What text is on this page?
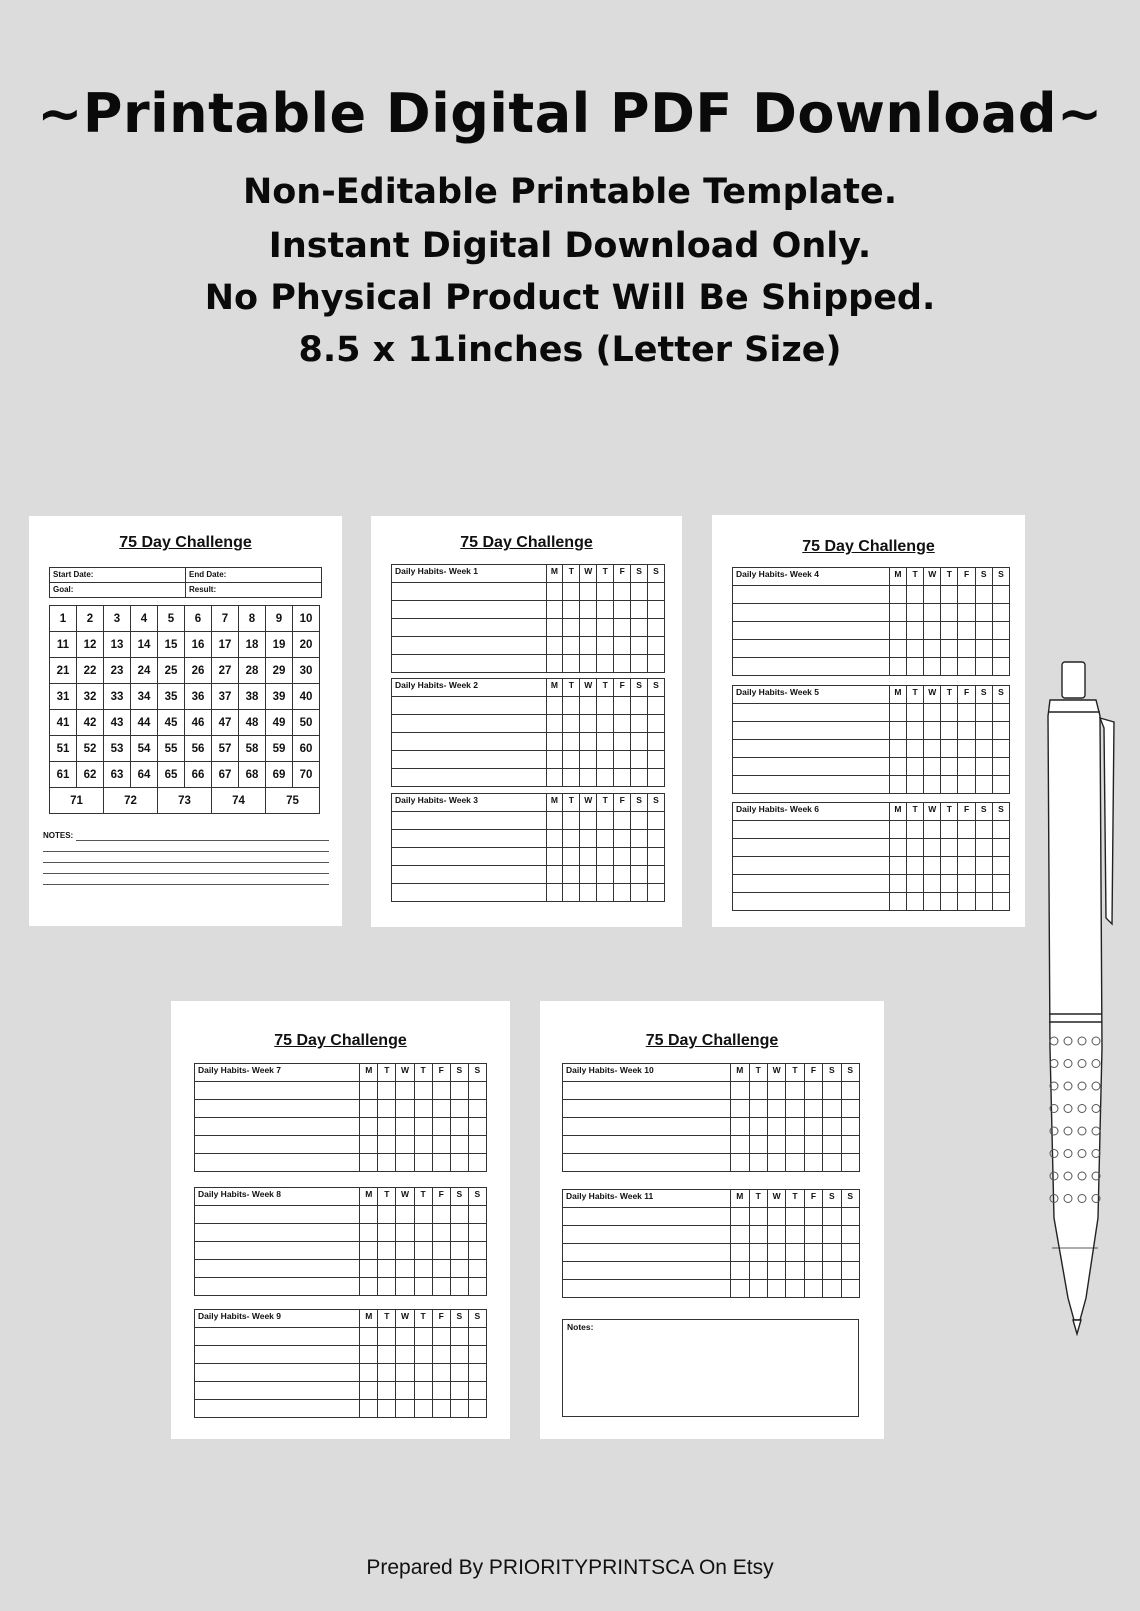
~Printable Digital PDF Download~
Non-Editable Printable Template.
Instant Digital Download Only.
No Physical Product Will Be Shipped.
8.5 x 11inches (Letter Size)
75 Day Challenge
Start Date:	End Date:
Goal:	Result:
1	2	3	4	5	6	7	8	9	10
11	12	13	14	15	16	17	18	19	20
21	22	23	24	25	26	27	28	29	30
31	32	33	34	35	36	37	38	39	40
41	42	43	44	45	46	47	48	49	50
51	52	53	54	55	56	57	58	59	60
61	62	63	64	65	66	67	68	69	70
71		72		73		74		75	
NOTES:
75 Day Challenge
Daily Habits- Week 1	M	T	W	T	F	S	S

Daily Habits- Week 2	M	T	W	T	F	S	S

Daily Habits- Week 3	M	T	W	T	F	S	S

75 Day Challenge
Daily Habits- Week 4	M	T	W	T	F	S	S

Daily Habits- Week 5	M	T	W	T	F	S	S

Daily Habits- Week 6	M	T	W	T	F	S	S

75 Day Challenge
Daily Habits- Week 7	M	T	W	T	F	S	S

Daily Habits- Week 8	M	T	W	T	F	S	S

Daily Habits- Week 9	M	T	W	T	F	S	S

75 Day Challenge
Daily Habits- Week 10	M	T	W	T	F	S	S

Daily Habits- Week 11	M	T	W	T	F	S	S

Notes:
Prepared By PRIORITYPRINTSCA On Etsy
